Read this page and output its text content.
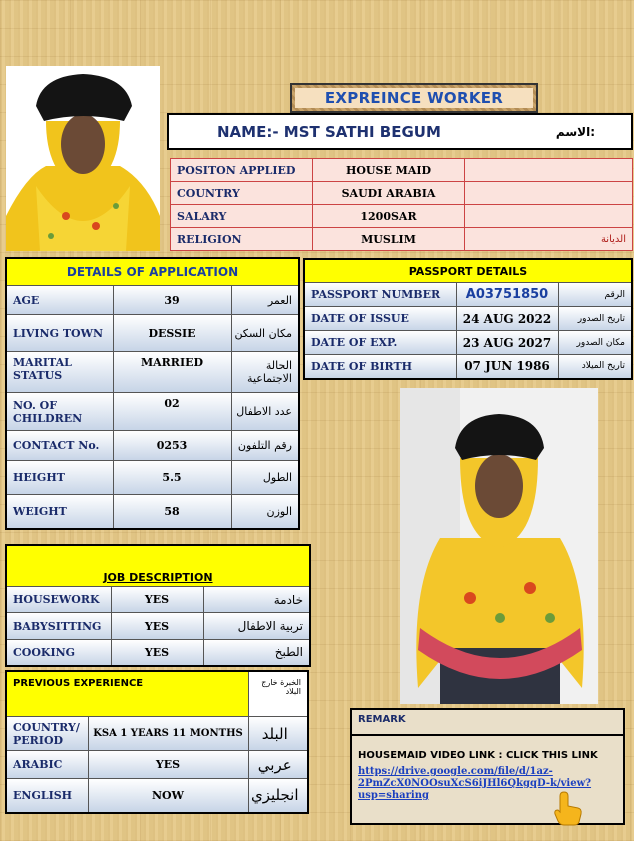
EXPREINCE WORKER
NAME:- MST SATHI BEGUM	الاسم:
POSITON APPLIED	HOUSE MAID	
COUNTRY	SAUDI ARABIA	
SALARY	1200SAR	
RELIGION	MUSLIM	الديانة
DETAILS OF APPLICATION		
AGE	39	العمر
LIVING TOWN	DESSIE	مكان السكن
MARITAL STATUS	MARRIED	الحالة الاجتماعية
NO. OF CHILDREN	02	عدد الاطفال
CONTACT No.	0253	رقم التلفون
HEIGHT	5.5	الطول
WEIGHT	58	الوزن
PASSPORT DETAILS		
PASSPORT NUMBER	A03751850	الرقم
DATE OF ISSUE	24 AUG 2022	تاريخ الصدور
DATE OF EXP.	23 AUG 2027	مكان الصدور
DATE OF BIRTH	07 JUN 1986	تاريخ الميلاد
JOB DESCRIPTION		
HOUSEWORK	YES	خادمة
BABYSITTING	YES	تربية الاطفال
COOKING	YES	الطبخ
PREVIOUS EXPERIENCE		الخبرة خارج البلاد
COUNTRY/ PERIOD	KSA 1 YEARS 11 MONTHS	البلد
ARABIC	YES	عربي
ENGLISH	NOW	انجليزي
REMARK
HOUSEMAID VIDEO LINK : CLICK THIS LINK
https://drive.google.com/file/d/1az-2PmZcX0NOOsuXcS6iJHl6QkgqD-k/view?usp=sharing
